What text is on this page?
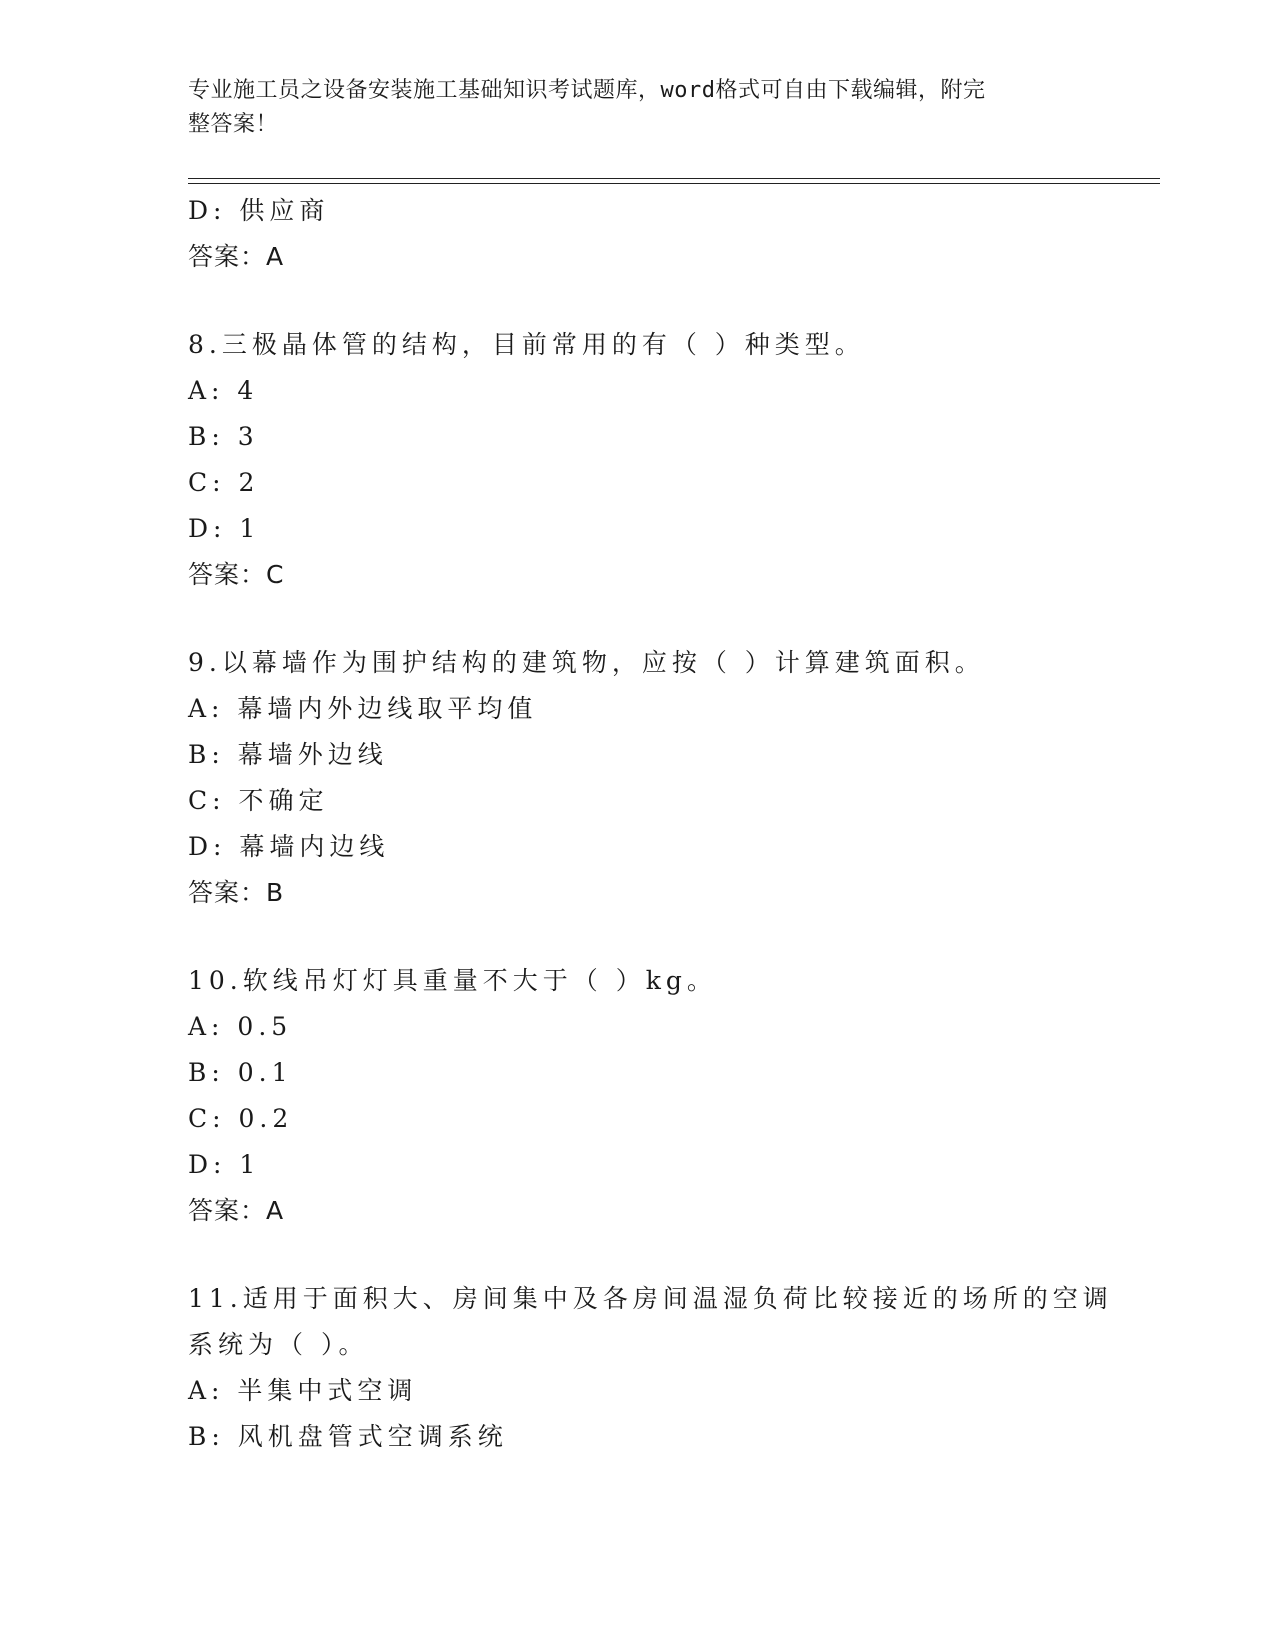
专业施工员之设备安装施工基础知识考试题库，word格式可自由下载编辑，附完
整答案！
D: 供应商
答案：A
8.三极晶体管的结构，目前常用的有（ ）种类型。
A: 4
B: 3
C: 2
D: 1
答案：C
9.以幕墙作为围护结构的建筑物，应按（ ）计算建筑面积。
A: 幕墙内外边线取平均值
B: 幕墙外边线
C: 不确定
D: 幕墙内边线
答案：B
10.软线吊灯灯具重量不大于（ ）kg。
A: 0.5
B: 0.1
C: 0.2
D: 1
答案：A
11.适用于面积大、房间集中及各房间温湿负荷比较接近的场所的空调
系统为（ ）。
A: 半集中式空调
B: 风机盘管式空调系统
